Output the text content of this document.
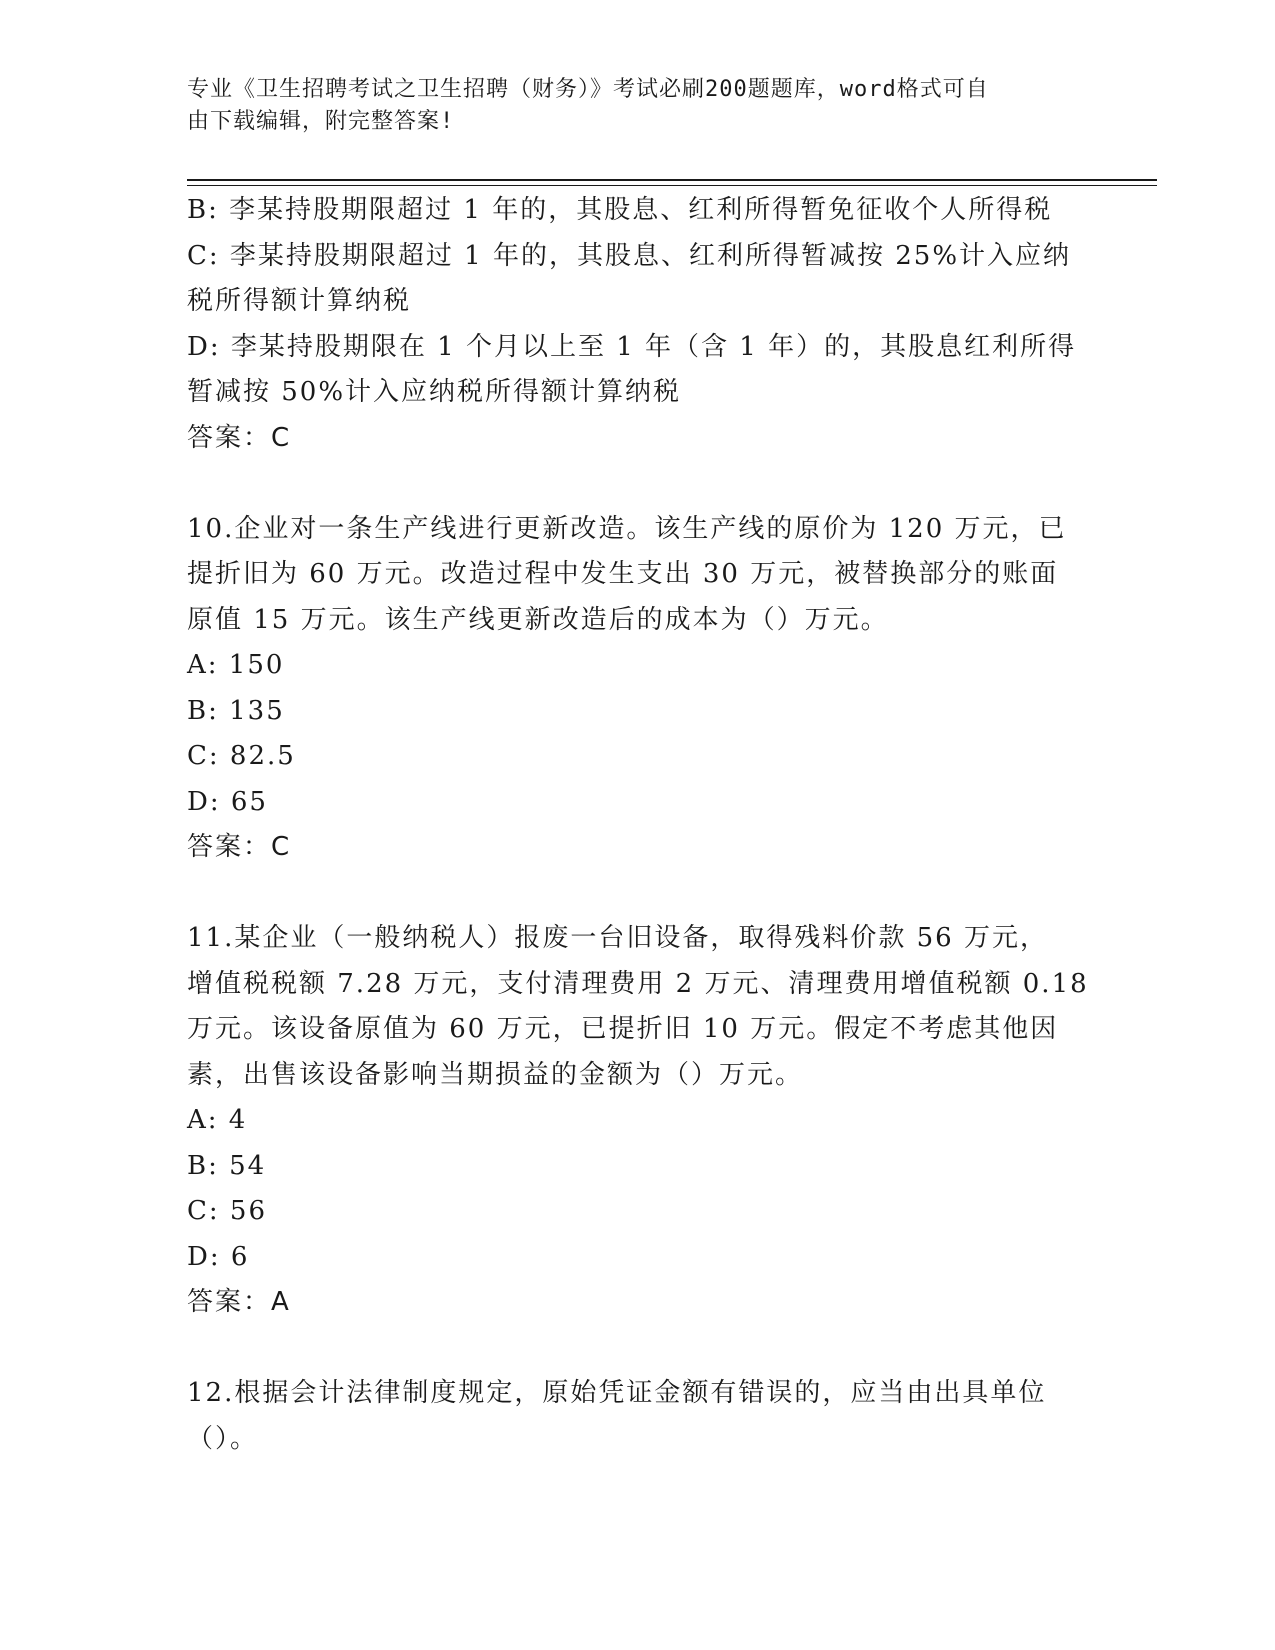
专业《卫生招聘考试之卫生招聘（财务）》考试必刷200题题库，word格式可自
由下载编辑，附完整答案!
B: 李某持股期限超过 1 年的，其股息、红利所得暂免征收个人所得税
C: 李某持股期限超过 1 年的，其股息、红利所得暂减按 25%计入应纳
税所得额计算纳税
D: 李某持股期限在 1 个月以上至 1 年（含 1 年）的，其股息红利所得
暂减按 50%计入应纳税所得额计算纳税
答案：C
10.企业对一条生产线进行更新改造。该生产线的原价为 120 万元，已
提折旧为 60 万元。改造过程中发生支出 30 万元，被替换部分的账面
原值 15 万元。该生产线更新改造后的成本为（）万元。
A: 150
B: 135
C: 82.5
D: 65
答案：C
11.某企业（一般纳税人）报废一台旧设备，取得残料价款 56 万元，
增值税税额 7.28 万元，支付清理费用 2 万元、清理费用增值税额 0.18
万元。该设备原值为 60 万元，已提折旧 10 万元。假定不考虑其他因
素，出售该设备影响当期损益的金额为（）万元。
A: 4
B: 54
C: 56
D: 6
答案：A
12.根据会计法律制度规定，原始凭证金额有错误的，应当由出具单位
（）。
